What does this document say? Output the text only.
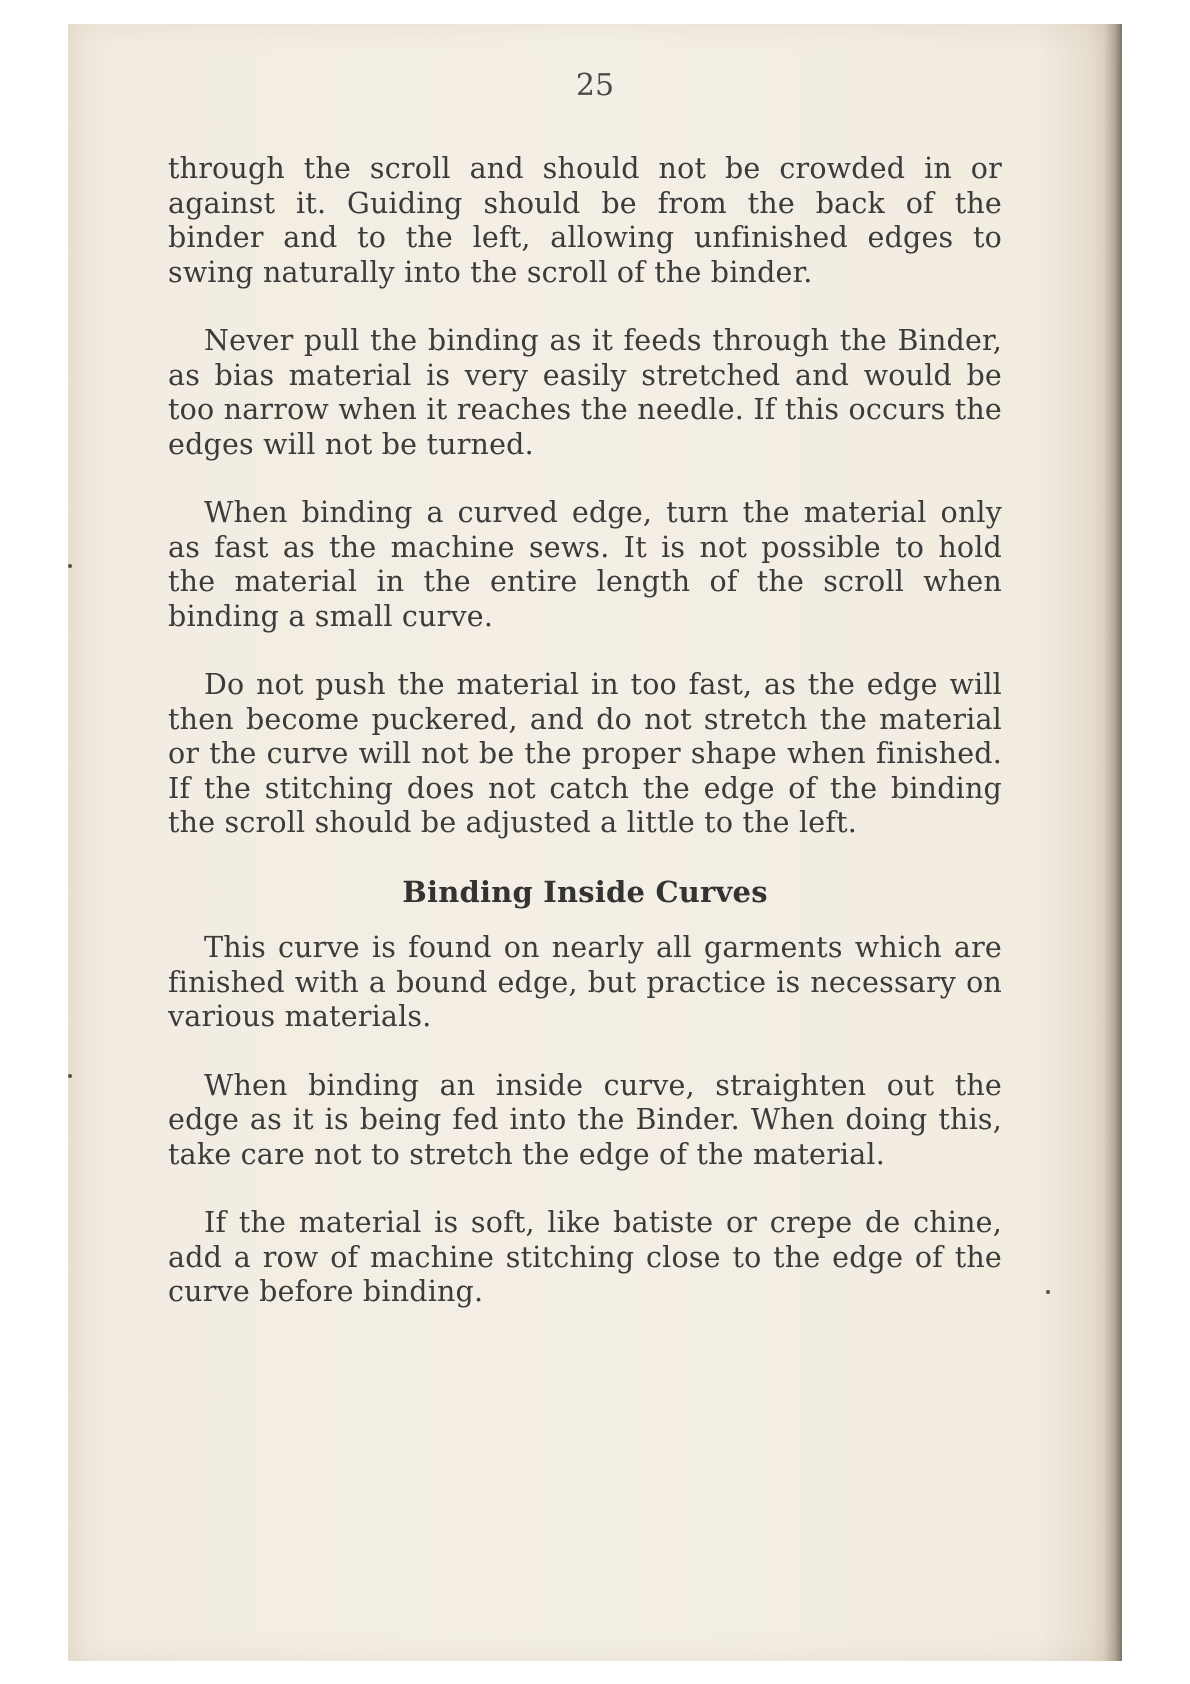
25

through the scroll and should not be crowded in or against it. Guiding should be from the back of the binder and to the left, allowing unfinished edges to swing naturally into the scroll of the binder.

Never pull the binding as it feeds through the Binder, as bias material is very easily stretched and would be too narrow when it reaches the needle. If this occurs the edges will not be turned.

When binding a curved edge, turn the material only as fast as the machine sews. It is not possible to hold the material in the entire length of the scroll when binding a small curve.

Do not push the material in too fast, as the edge will then become puckered, and do not stretch the material or the curve will not be the proper shape when finished. If the stitching does not catch the edge of the binding the scroll should be adjusted a little to the left.

Binding Inside Curves

This curve is found on nearly all garments which are finished with a bound edge, but practice is necessary on various materials.

When binding an inside curve, straighten out the edge as it is being fed into the Binder. When doing this, take care not to stretch the edge of the material.

If the material is soft, like batiste or crepe de chine, add a row of machine stitching close to the edge of the curve before binding.
